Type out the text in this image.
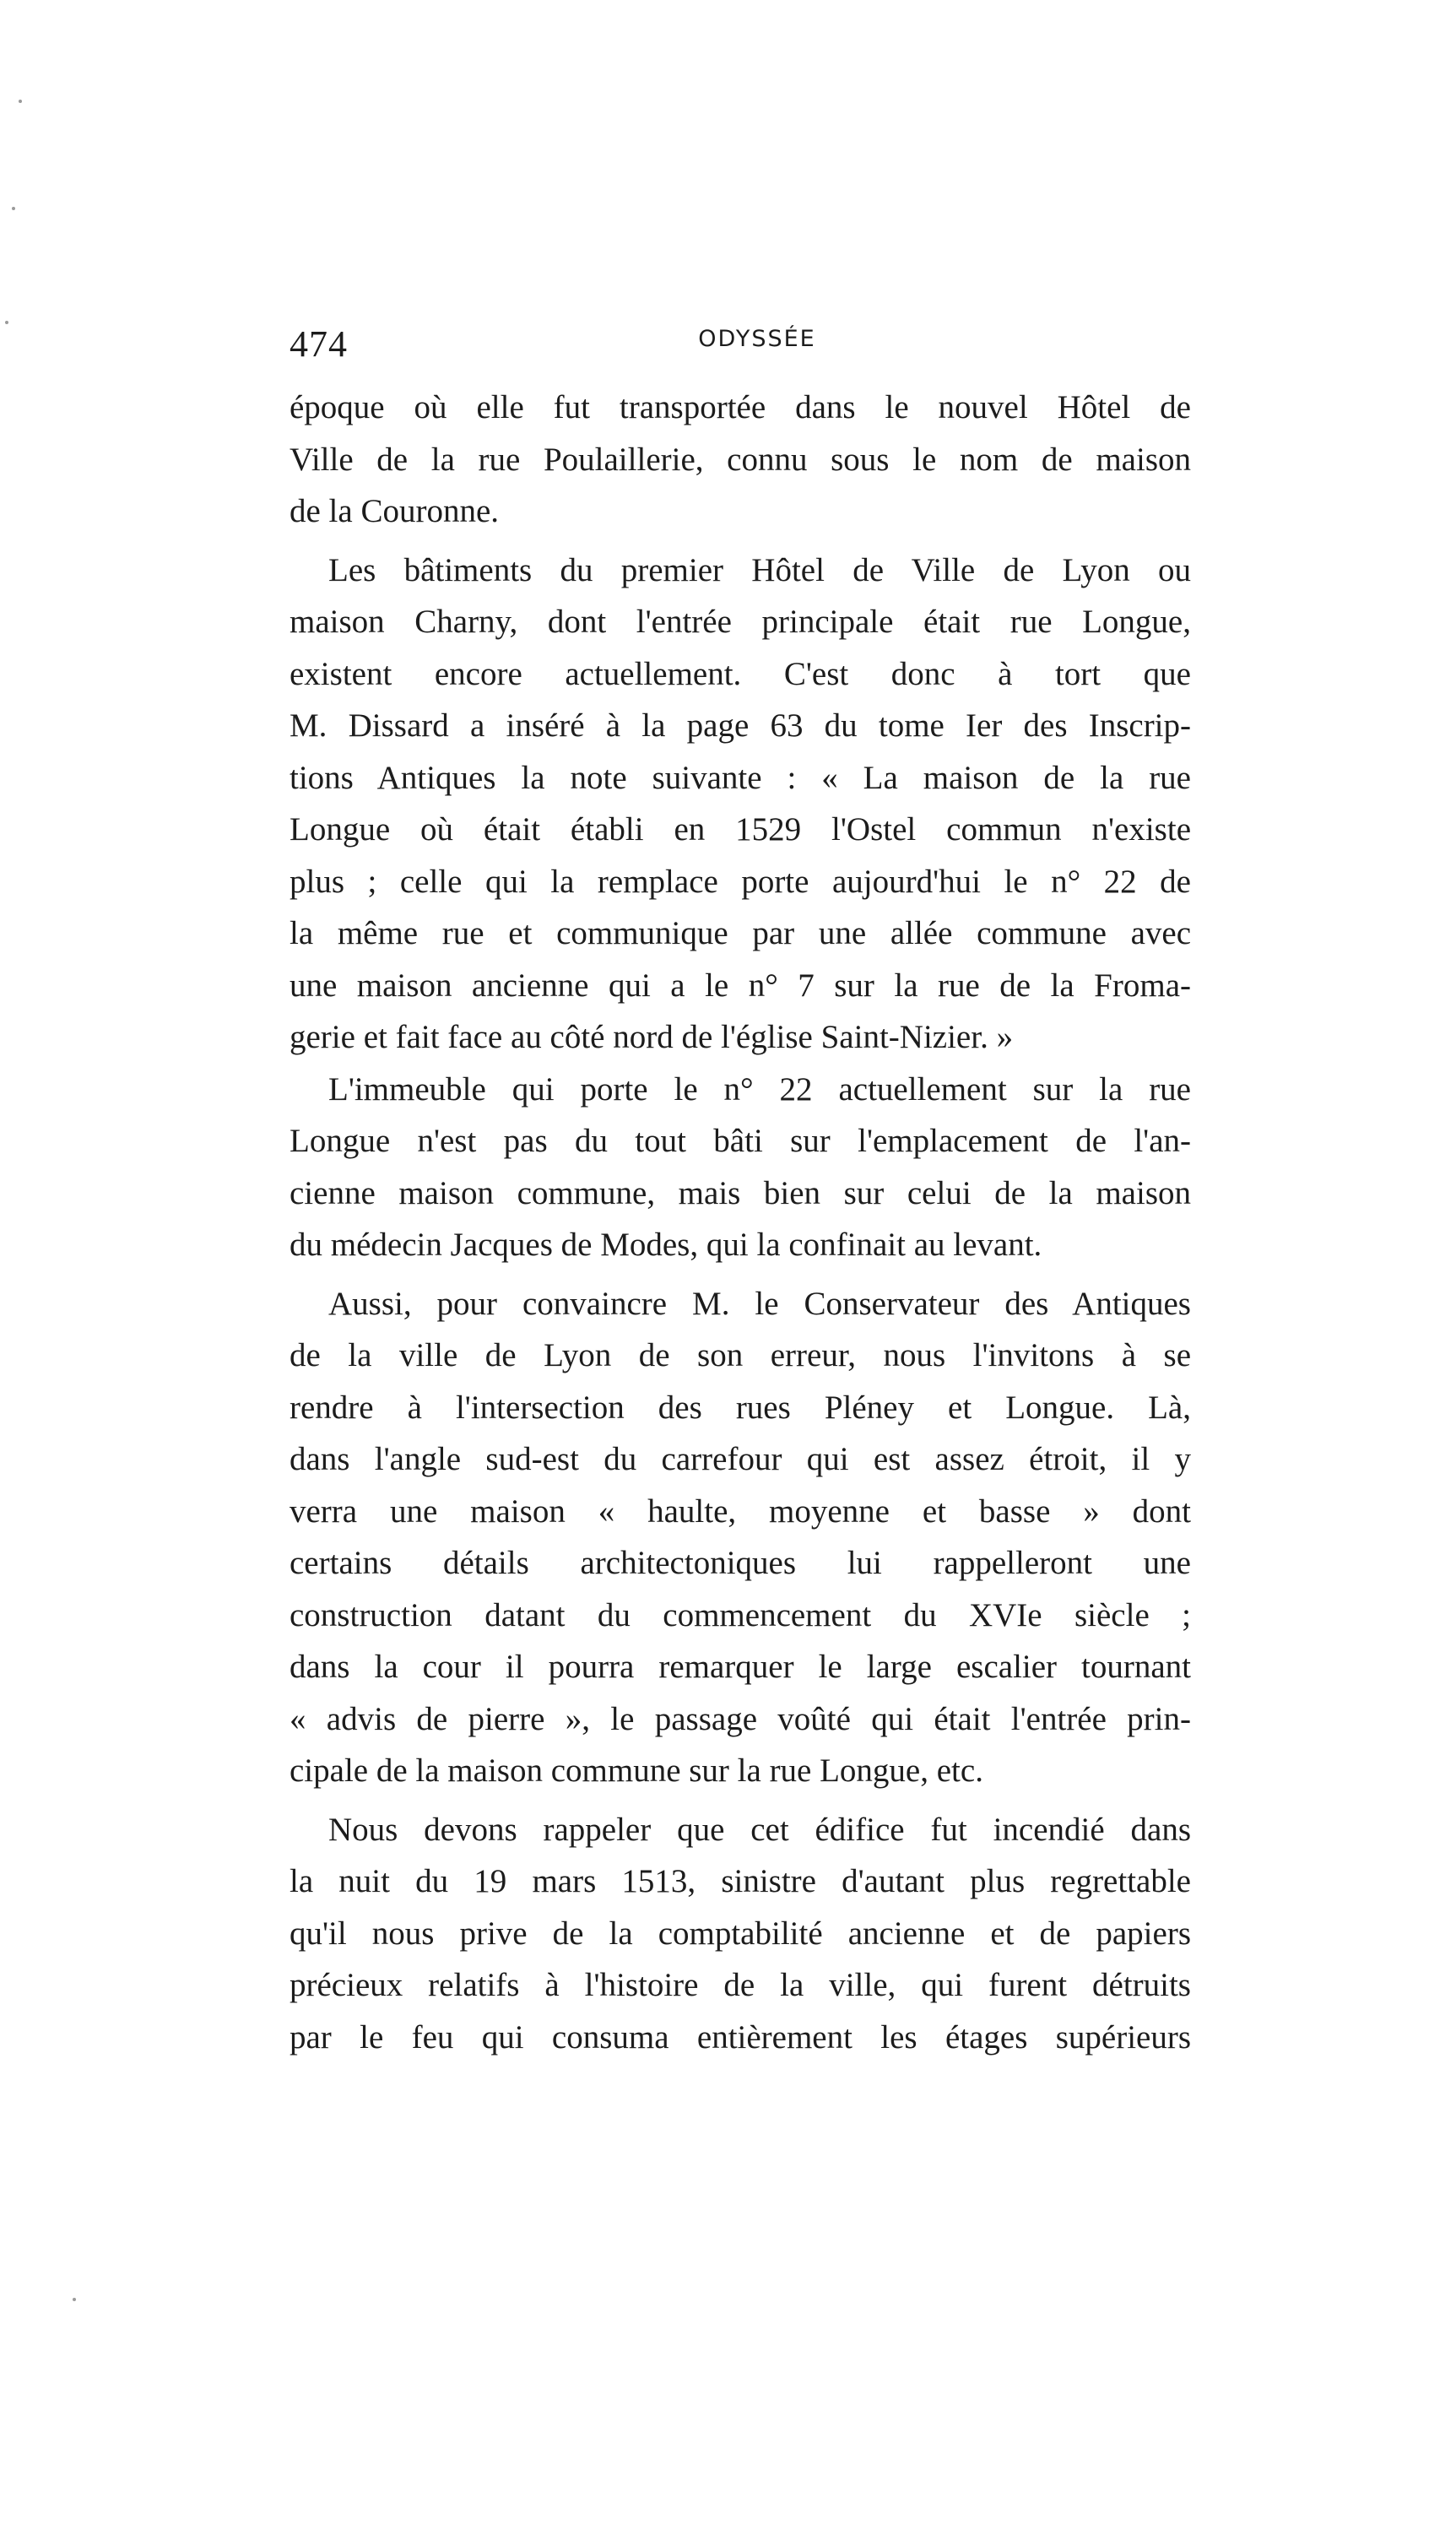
474	ODYSSÉE
époque où elle fut transportée dans le nouvel Hôtel de
Ville de la rue Poulaillerie, connu sous le nom de maison
de la Couronne.
Les bâtiments du premier Hôtel de Ville de Lyon ou
maison Charny, dont l'entrée principale était rue Longue,
existent encore actuellement. C'est donc à tort que
M. Dissard a inséré à la page 63 du tome Ier des Inscrip-
tions Antiques la note suivante : « La maison de la rue
Longue où était établi en 1529 l'Ostel commun n'existe
plus ; celle qui la remplace porte aujourd'hui le n° 22 de
la même rue et communique par une allée commune avec
une maison ancienne qui a le n° 7 sur la rue de la Froma-
gerie et fait face au côté nord de l'église Saint-Nizier. »
L'immeuble qui porte le n° 22 actuellement sur la rue
Longue n'est pas du tout bâti sur l'emplacement de l'an-
cienne maison commune, mais bien sur celui de la maison
du médecin Jacques de Modes, qui la confinait au levant.
Aussi, pour convaincre M. le Conservateur des Antiques
de la ville de Lyon de son erreur, nous l'invitons à se
rendre à l'intersection des rues Pléney et Longue. Là,
dans l'angle sud-est du carrefour qui est assez étroit, il y
verra une maison « haulte, moyenne et basse » dont
certains détails architectoniques lui rappelleront une
construction datant du commencement du XVIe siècle ;
dans la cour il pourra remarquer le large escalier tournant
« advis de pierre », le passage voûté qui était l'entrée prin-
cipale de la maison commune sur la rue Longue, etc.
Nous devons rappeler que cet édifice fut incendié dans
la nuit du 19 mars 1513, sinistre d'autant plus regrettable
qu'il nous prive de la comptabilité ancienne et de papiers
précieux relatifs à l'histoire de la ville, qui furent détruits
par le feu qui consuma entièrement les étages supérieurs
